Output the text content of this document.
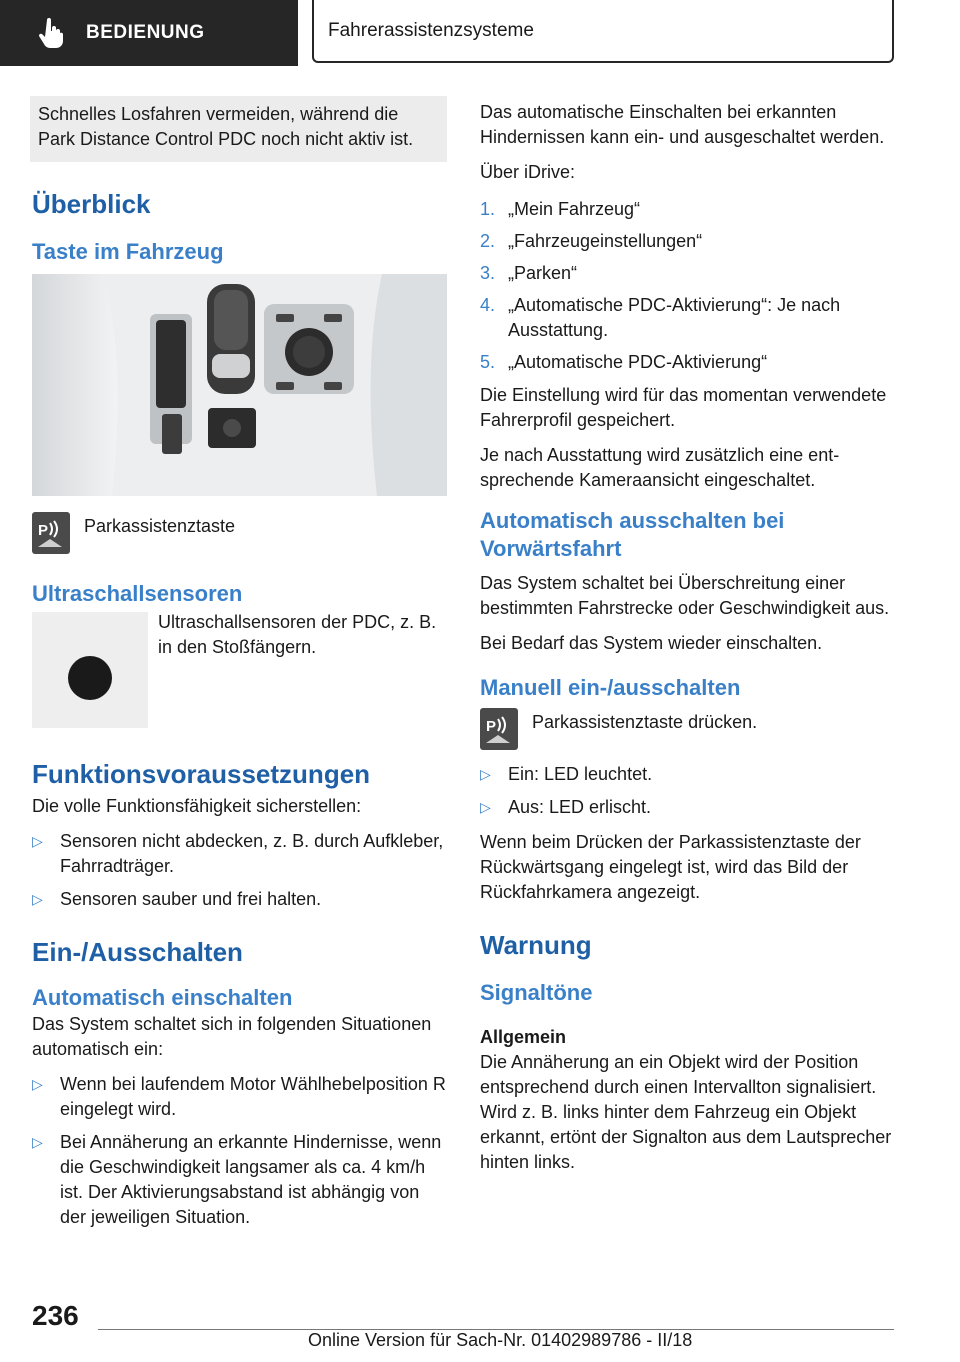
BEDIENUNG	Fahrerassistenzsysteme

Schnelles Losfahren vermeiden, während die Park Distance Control PDC noch nicht aktiv ist.

Überblick
Taste im Fahrzeug
P Parkassistenztaste
Ultraschallsensoren
Ultraschallsensoren der PDC, z. B. in den Stoßfängern.
Funktionsvoraussetzungen

Die volle Funktionsfähigkeit sicherstellen:

▷ Sensoren nicht abdecken, z. B. durch Aufkleber, Fahrradträger.
▷ Sensoren sauber und frei halten.
Ein-/Ausschalten
Automatisch einschalten

Das System schaltet sich in folgenden Situationen automatisch ein:

▷ Wenn bei laufendem Motor Wählhebelposition R eingelegt wird.
▷ Bei Annäherung an erkannte Hindernisse, wenn die Geschwindigkeit langsamer als ca. 4 km/h ist. Der Aktivierungsabstand ist abhängig von der jeweiligen Situation.

Das automatische Einschalten bei erkannten Hindernissen kann ein- und ausgeschaltet werden.

Über iDrive:

1. „Mein Fahrzeug“
2. „Fahrzeugeinstellungen“
3. „Parken“
4. „Automatische PDC-Aktivierung“: Je nach Ausstattung.
5. „Automatische PDC-Aktivierung“

Die Einstellung wird für das momentan verwendete Fahrerprofil gespeichert.

Je nach Ausstattung wird zusätzlich eine entsprechende Kameraansicht eingeschaltet.

Automatisch ausschalten bei Vorwärtsfahrt

Das System schaltet bei Überschreitung einer bestimmten Fahrstrecke oder Geschwindigkeit aus.

Bei Bedarf das System wieder einschalten.

Manuell ein-/ausschalten
P Parkassistenztaste drücken.
▷ Ein: LED leuchtet.
▷ Aus: LED erlischt.

Wenn beim Drücken der Parkassistenztaste der Rückwärtsgang eingelegt ist, wird das Bild der Rückfahrkamera angezeigt.

Warnung
Signaltöne
Allgemein

Die Annäherung an ein Objekt wird der Position entsprechend durch einen Intervallton signalisiert. Wird z. B. links hinter dem Fahrzeug ein Objekt erkannt, ertönt der Signalton aus dem Lautsprecher hinten links.

236
Online Version für Sach-Nr. 01402989786 - II/18
